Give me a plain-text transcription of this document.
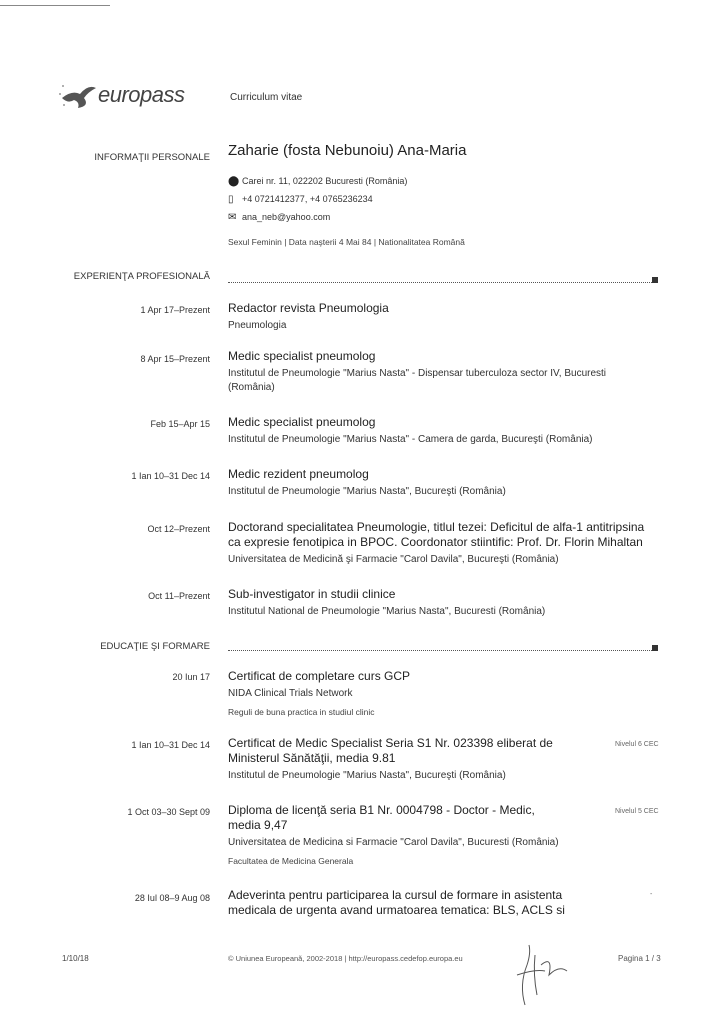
europass	Curriculum vitae
INFORMAŢII PERSONALE Zaharie (fosta Nebunoiu) Ana-Maria
⬤ Carei nr. 11, 022202 Bucuresti (România)
▯ +4 0721412377, +4 0765236234
✉ ana_neb@yahoo.com
Sexul Feminin | Data naşterii 4 Mai 84 | Nationalitatea Română
EXPERIENŢA PROFESIONALĂ
1 Apr 17–Prezent Redactor revista Pneumologia
Pneumologia
8 Apr 15–Prezent Medic specialist pneumolog
Institutul de Pneumologie "Marius Nasta" - Dispensar tuberculoza sector IV, Bucuresti (România)
Feb 15–Apr 15 Medic specialist pneumolog
Institutul de Pneumologie "Marius Nasta" - Camera de garda, Bucureşti (România)
1 Ian 10–31 Dec 14 Medic rezident pneumolog
Institutul de Pneumologie "Marius Nasta", Bucureşti (România)
Oct 12–Prezent Doctorand specialitatea Pneumologie, titlul tezei: Deficitul de alfa-1 antitripsina ca expresie fenotipica in BPOC. Coordonator stiintific: Prof. Dr. Florin Mihaltan
Universitatea de Medicină şi Farmacie "Carol Davila", Bucureşti (România)
Oct 11–Prezent Sub-investigator in studii clinice
Institutul National de Pneumologie "Marius Nasta", Bucuresti (România)
EDUCAŢIE ŞI FORMARE
20 Iun 17 Certificat de completare curs GCP
NIDA Clinical Trials Network
Reguli de buna practica in studiul clinic
1 Ian 10–31 Dec 14 Certificat de Medic Specialist Seria S1 Nr. 023398 eliberat de Ministerul Sănătăţii, media 9.81
Institutul de Pneumologie "Marius Nasta", Bucureşti (România)
Nivelul 6 CEC
1 Oct 03–30 Sept 09 Diploma de licenţă seria B1 Nr. 0004798 - Doctor - Medic, media 9,47
Universitatea de Medicina si Farmacie "Carol Davila", Bucuresti (România)
Facultatea de Medicina Generala
Nivelul 5 CEC
28 Iul 08–9 Aug 08 Adeverinta pentru participarea la cursul de formare in asistenta medicala de urgenta avand urmatoarea tematica: BLS, ACLS si
-
1/10/18	© Uniunea Europeană, 2002-2018 | http://europass.cedefop.europa.eu	Pagina 1 / 3
